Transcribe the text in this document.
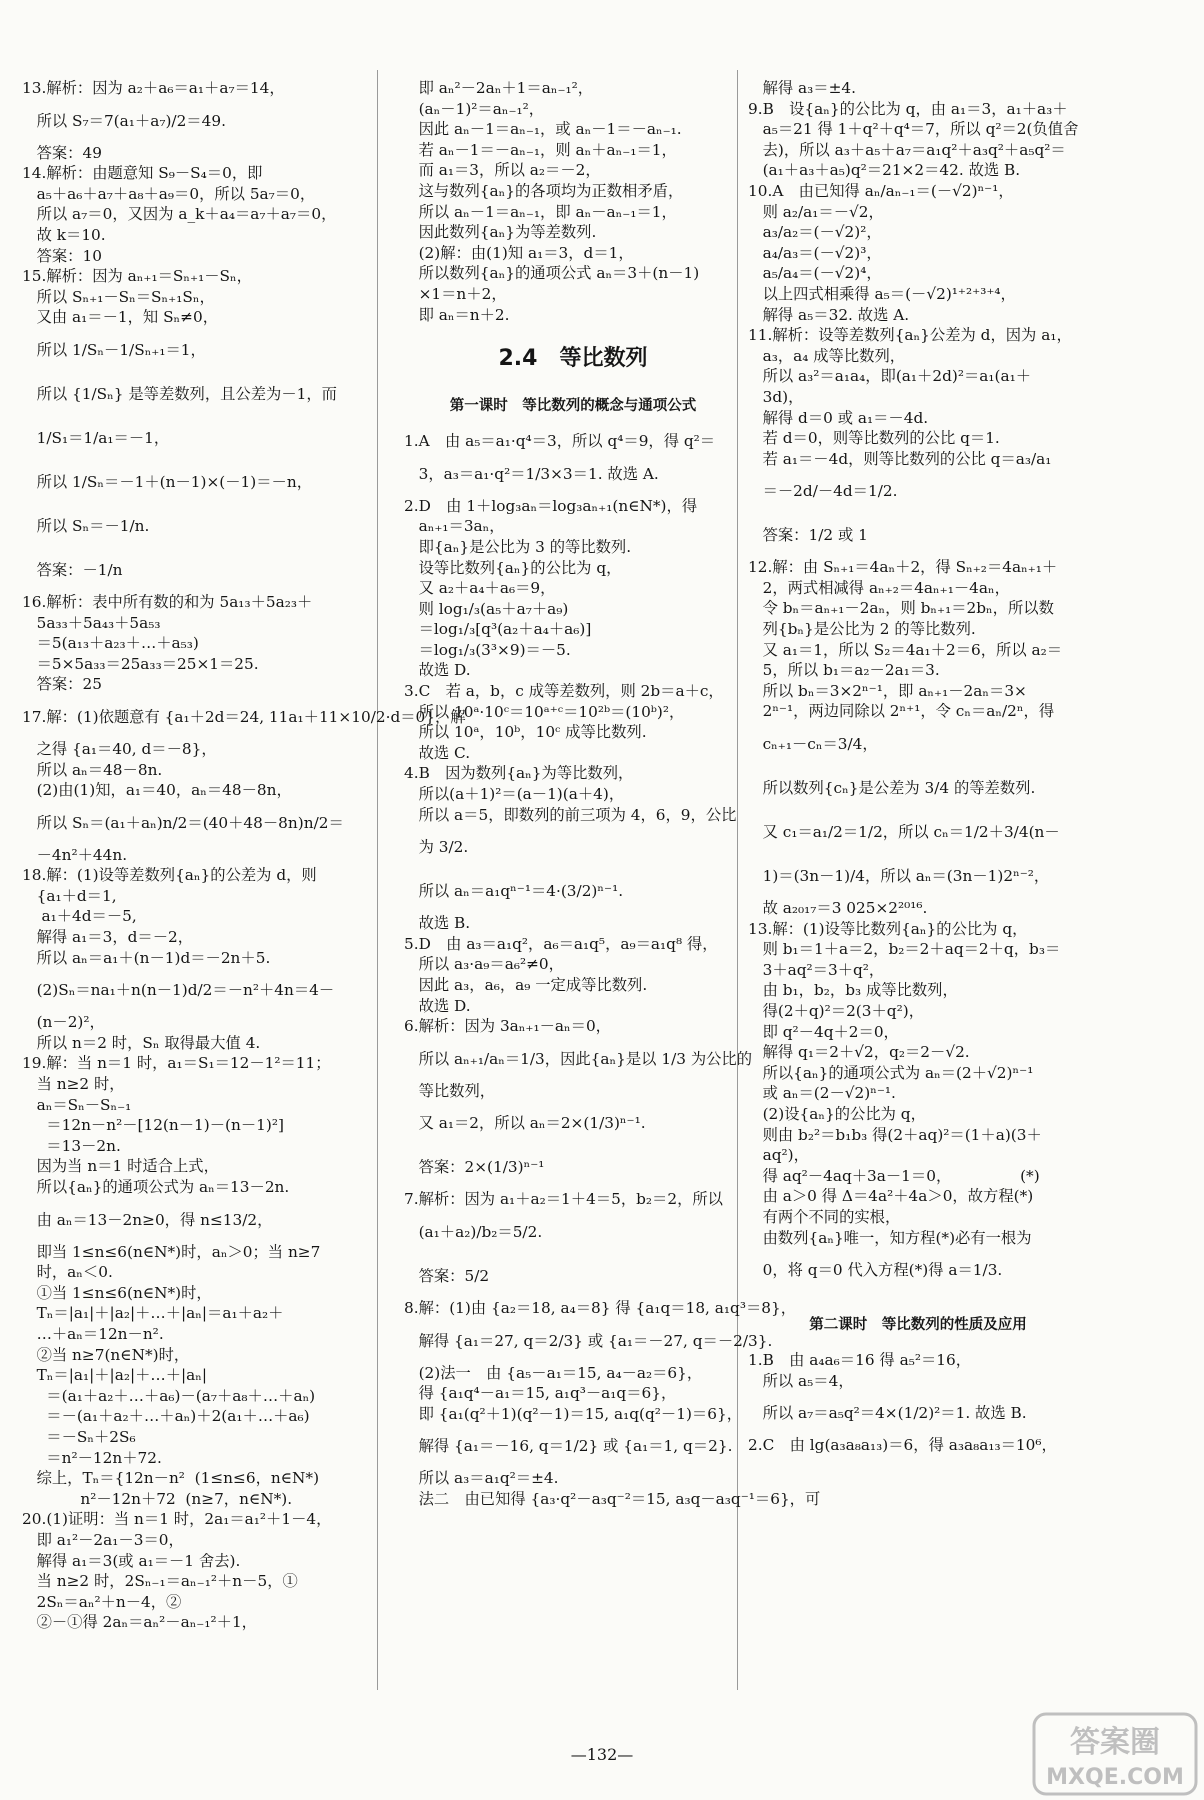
13.解析：因为 a₂＋a₆＝a₁＋a₇＝14，
所以 S₇＝7(a₁＋a₇)/2＝49.
答案：49
14.解析：由题意知 S₉－S₄＝0，即
a₅＋a₆＋a₇＋a₈＋a₉＝0，所以 5a₇＝0，
所以 a₇＝0，又因为 a_k＋a₄＝a₇＋a₇＝0，
故 k＝10.
答案：10
15.解析：因为 aₙ₊₁＝Sₙ₊₁－Sₙ，
所以 Sₙ₊₁－Sₙ＝Sₙ₊₁Sₙ，
又由 a₁＝－1，知 Sₙ≠0，
所以 1/Sₙ－1/Sₙ₊₁＝1，
所以 {1/Sₙ} 是等差数列，且公差为－1，而
1/S₁＝1/a₁＝－1，
所以 1/Sₙ＝－1＋(n－1)×(－1)＝－n，
所以 Sₙ＝－1/n.
答案：－1/n
16.解析：表中所有数的和为 5a₁₃＋5a₂₃＋
5a₃₃＋5a₄₃＋5a₅₃
＝5(a₁₃＋a₂₃＋…＋a₅₃)
＝5×5a₃₃＝25a₃₃＝25×1＝25.
答案：25
17.解：(1)依题意有 {a₁＋2d＝24, 11a₁＋11×10/2·d＝0}，解
之得 {a₁＝40, d＝－8}，
所以 aₙ＝48－8n.
(2)由(1)知，a₁＝40，aₙ＝48－8n，
所以 Sₙ＝(a₁＋aₙ)n/2＝(40＋48－8n)n/2＝
－4n²＋44n.
18.解：(1)设等差数列{aₙ}的公差为 d，则
{a₁＋d＝1,
a₁＋4d＝－5,
解得 a₁＝3，d＝－2，
所以 aₙ＝a₁＋(n－1)d＝－2n＋5.
(2)Sₙ＝na₁＋n(n－1)d/2＝－n²＋4n＝4－
(n－2)²，
所以 n＝2 时，Sₙ 取得最大值 4.
19.解：当 n＝1 时，a₁＝S₁＝12－1²＝11；
当 n≥2 时，
aₙ＝Sₙ－Sₙ₋₁
＝12n－n²－[12(n－1)－(n－1)²]
＝13－2n.
因为当 n＝1 时适合上式，
所以{aₙ}的通项公式为 aₙ＝13－2n.
由 aₙ＝13－2n≥0，得 n≤13/2，
即当 1≤n≤6(n∈N*)时，aₙ＞0；当 n≥7
时，aₙ＜0.
①当 1≤n≤6(n∈N*)时，
Tₙ＝|a₁|＋|a₂|＋…＋|aₙ|＝a₁＋a₂＋
…＋aₙ＝12n－n².
②当 n≥7(n∈N*)时，
Tₙ＝|a₁|＋|a₂|＋…＋|aₙ|
＝(a₁＋a₂＋…＋a₆)－(a₇＋a₈＋…＋aₙ)
＝－(a₁＋a₂＋…＋aₙ)＋2(a₁＋…＋a₆)
＝－Sₙ＋2S₆
＝n²－12n＋72.
综上，Tₙ＝{12n－n²  (1≤n≤6，n∈N*)
n²－12n＋72  (n≥7，n∈N*).
20.(1)证明：当 n＝1 时，2a₁＝a₁²＋1－4，
即 a₁²－2a₁－3＝0，
解得 a₁＝3(或 a₁＝－1 舍去).
当 n≥2 时，2Sₙ₋₁＝aₙ₋₁²＋n－5，①
2Sₙ＝aₙ²＋n－4，②
②－①得 2aₙ＝aₙ²－aₙ₋₁²＋1，
即 aₙ²－2aₙ＋1＝aₙ₋₁²，
(aₙ－1)²＝aₙ₋₁²，
因此 aₙ－1＝aₙ₋₁，或 aₙ－1＝－aₙ₋₁.
若 aₙ－1＝－aₙ₋₁，则 aₙ＋aₙ₋₁＝1，
而 a₁＝3，所以 a₂＝－2，
这与数列{aₙ}的各项均为正数相矛盾，
所以 aₙ－1＝aₙ₋₁，即 aₙ－aₙ₋₁＝1，
因此数列{aₙ}为等差数列.
(2)解：由(1)知 a₁＝3，d＝1，
所以数列{aₙ}的通项公式 aₙ＝3＋(n－1)
×1＝n＋2，
即 aₙ＝n＋2.
2.4　等比数列
第一课时　等比数列的概念与通项公式
1.A　由 a₅＝a₁·q⁴＝3，所以 q⁴＝9，得 q²＝
3，a₃＝a₁·q²＝1/3×3＝1. 故选 A.
2.D　由 1＋log₃aₙ＝log₃aₙ₊₁(n∈N*)，得
aₙ₊₁＝3aₙ，
即{aₙ}是公比为 3 的等比数列.
设等比数列{aₙ}的公比为 q，
又 a₂＋a₄＋a₆＝9，
则 log₁/₃(a₅＋a₇＋a₉)
＝log₁/₃[q³(a₂＋a₄＋a₆)]
＝log₁/₃(3³×9)＝－5.
故选 D.
3.C　若 a，b，c 成等差数列，则 2b＝a＋c，
所以 10ᵃ·10ᶜ＝10ᵃ⁺ᶜ＝10²ᵇ＝(10ᵇ)²，
所以 10ᵃ，10ᵇ，10ᶜ 成等比数列.
故选 C.
4.B　因为数列{aₙ}为等比数列，
所以(a＋1)²＝(a－1)(a＋4)，
所以 a＝5，即数列的前三项为 4，6，9，公比
为 3/2.
所以 aₙ＝a₁qⁿ⁻¹＝4·(3/2)ⁿ⁻¹.
故选 B.
5.D　由 a₃＝a₁q²，a₆＝a₁q⁵，a₉＝a₁q⁸ 得，
所以 a₃·a₉＝a₆²≠0，
因此 a₃，a₆，a₉ 一定成等比数列.
故选 D.
6.解析：因为 3aₙ₊₁－aₙ＝0，
所以 aₙ₊₁/aₙ＝1/3，因此{aₙ}是以 1/3 为公比的
等比数列，
又 a₁＝2，所以 aₙ＝2×(1/3)ⁿ⁻¹.
答案：2×(1/3)ⁿ⁻¹
7.解析：因为 a₁＋a₂＝1＋4＝5，b₂＝2，所以
(a₁＋a₂)/b₂＝5/2.
答案：5/2
8.解：(1)由 {a₂＝18, a₄＝8} 得 {a₁q＝18, a₁q³＝8}，
解得 {a₁＝27, q＝2/3} 或 {a₁＝－27, q＝－2/3}.
(2)法一　由 {a₅－a₁＝15, a₄－a₂＝6}，
得 {a₁q⁴－a₁＝15, a₁q³－a₁q＝6}，
即 {a₁(q²＋1)(q²－1)＝15, a₁q(q²－1)＝6}，
解得 {a₁＝－16, q＝1/2} 或 {a₁＝1, q＝2}.
所以 a₃＝a₁q²＝±4.
法二　由已知得 {a₃·q²－a₃q⁻²＝15, a₃q－a₃q⁻¹＝6}，可
解得 a₃＝±4.
9.B　设{aₙ}的公比为 q，由 a₁＝3，a₁＋a₃＋
a₅＝21 得 1＋q²＋q⁴＝7，所以 q²＝2(负值舍
去)，所以 a₃＋a₅＋a₇＝a₁q²＋a₃q²＋a₅q²＝
(a₁＋a₃＋a₅)q²＝21×2＝42. 故选 B.
10.A　由已知得 aₙ/aₙ₋₁＝(－√2)ⁿ⁻¹，
则 a₂/a₁＝－√2，
a₃/a₂＝(－√2)²，
a₄/a₃＝(－√2)³，
a₅/a₄＝(－√2)⁴，
以上四式相乘得 a₅＝(－√2)¹⁺²⁺³⁺⁴，
解得 a₅＝32. 故选 A.
11.解析：设等差数列{aₙ}公差为 d，因为 a₁，
a₃，a₄ 成等比数列，
所以 a₃²＝a₁a₄，即(a₁＋2d)²＝a₁(a₁＋
3d)，
解得 d＝0 或 a₁＝－4d.
若 d＝0，则等比数列的公比 q＝1.
若 a₁＝－4d，则等比数列的公比 q＝a₃/a₁
＝－2d/－4d＝1/2.
答案：1/2 或 1
12.解：由 Sₙ₊₁＝4aₙ＋2，得 Sₙ₊₂＝4aₙ₊₁＋
2，两式相减得 aₙ₊₂＝4aₙ₊₁－4aₙ，
令 bₙ＝aₙ₊₁－2aₙ，则 bₙ₊₁＝2bₙ，所以数
列{bₙ}是公比为 2 的等比数列.
又 a₁＝1，所以 S₂＝4a₁＋2＝6，所以 a₂＝
5，所以 b₁＝a₂－2a₁＝3.
所以 bₙ＝3×2ⁿ⁻¹，即 aₙ₊₁－2aₙ＝3×
2ⁿ⁻¹，两边同除以 2ⁿ⁺¹，令 cₙ＝aₙ/2ⁿ，得
cₙ₊₁－cₙ＝3/4，
所以数列{cₙ}是公差为 3/4 的等差数列.
又 c₁＝a₁/2＝1/2，所以 cₙ＝1/2＋3/4(n－
1)＝(3n－1)/4，所以 aₙ＝(3n－1)2ⁿ⁻²，
故 a₂₀₁₇＝3 025×2²⁰¹⁶.
13.解：(1)设等比数列{aₙ}的公比为 q，
则 b₁＝1＋a＝2，b₂＝2＋aq＝2＋q，b₃＝
3＋aq²＝3＋q²，
由 b₁，b₂，b₃ 成等比数列，
得(2＋q)²＝2(3＋q²)，
即 q²－4q＋2＝0，
解得 q₁＝2＋√2，q₂＝2－√2.
所以{aₙ}的通项公式为 aₙ＝(2＋√2)ⁿ⁻¹
或 aₙ＝(2－√2)ⁿ⁻¹.
(2)设{aₙ}的公比为 q，
则由 b₂²＝b₁b₃ 得(2＋aq)²＝(1＋a)(3＋
aq²)，
得 aq²－4aq＋3a－1＝0，　　　　　(*)
由 a＞0 得 Δ＝4a²＋4a＞0，故方程(*)
有两个不同的实根，
由数列{aₙ}唯一，知方程(*)必有一根为
0，将 q＝0 代入方程(*)得 a＝1/3.
第二课时　等比数列的性质及应用
1.B　由 a₄a₆＝16 得 a₅²＝16，
所以 a₅＝4，
所以 a₇＝a₅q²＝4×(1/2)²＝1. 故选 B.
2.C　由 lg(a₃a₈a₁₃)＝6，得 a₃a₈a₁₃＝10⁶，
—132—	答案圈
MXQE.COM
